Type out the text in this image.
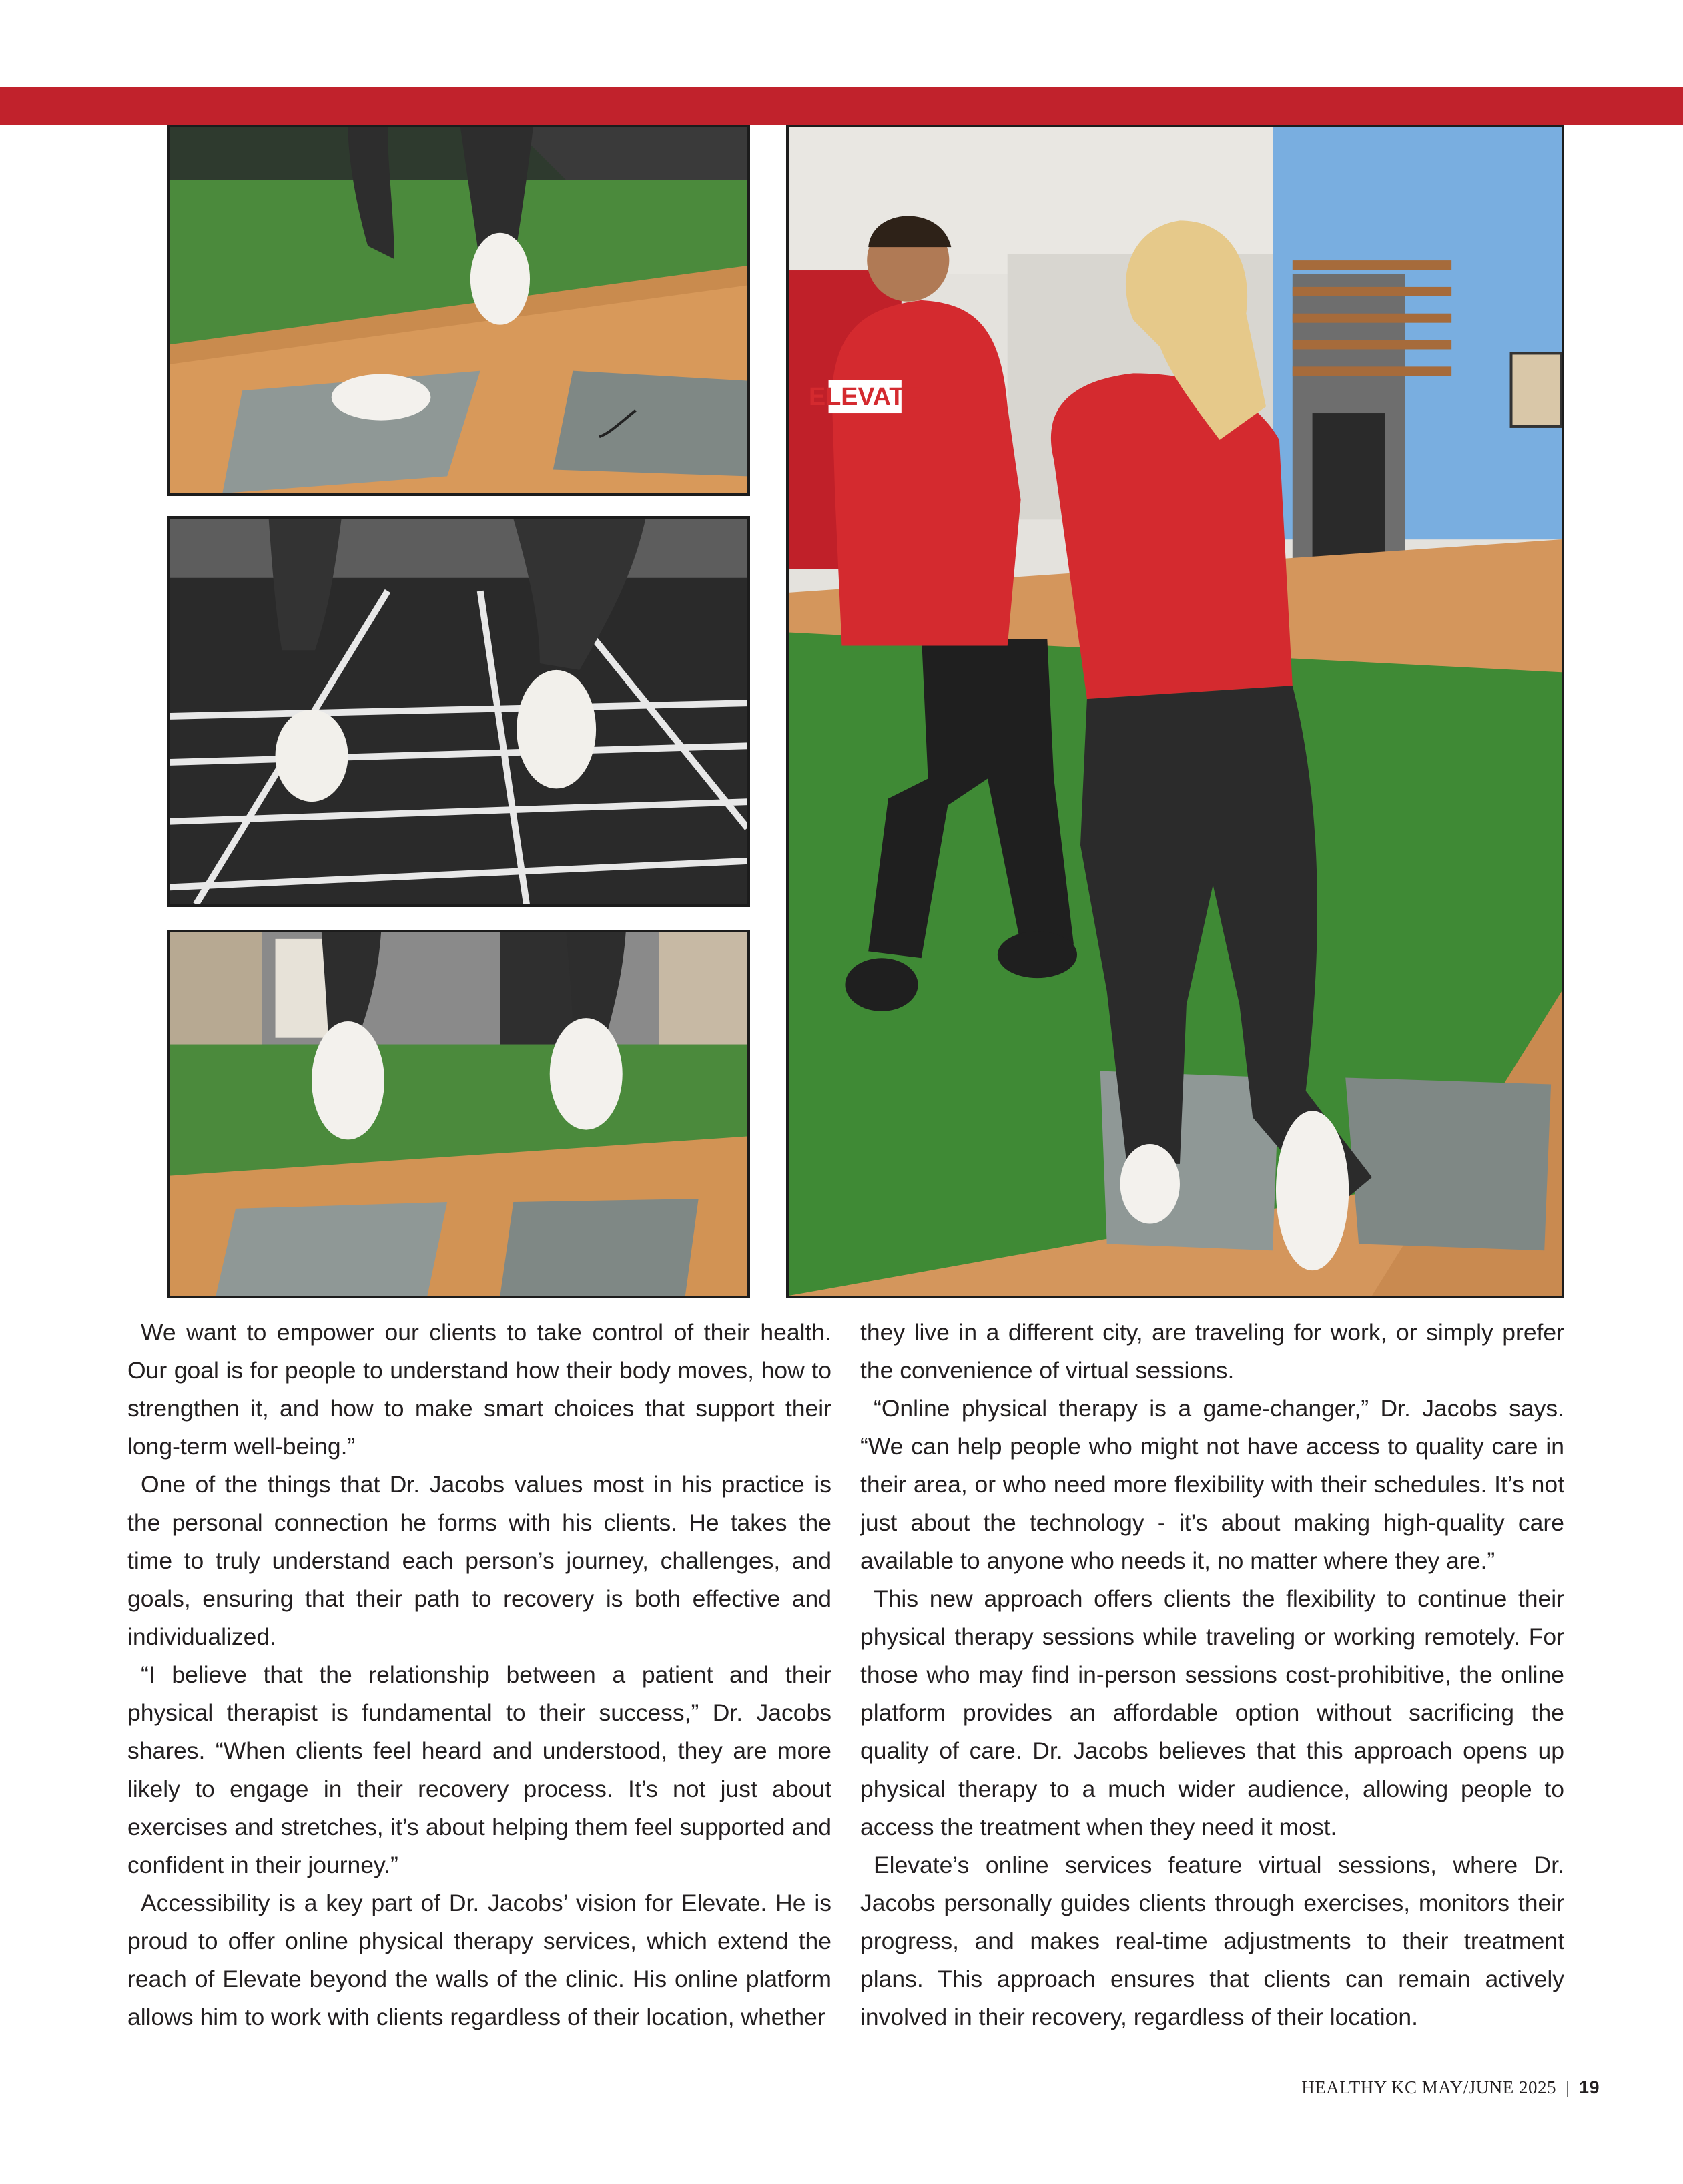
ELEVATE

We want to empower our clients to take control of their health. Our goal is for people to understand how their body moves, how to strengthen it, and how to make smart choices that support their long-term well-being.”

One of the things that Dr. Jacobs values most in his practice is the personal connection he forms with his clients. He takes the time to truly understand each person’s journey, challenges, and goals, ensuring that their path to recovery is both effective and individualized.

“I believe that the relationship between a patient and their physical therapist is fundamental to their success,” Dr. Jacobs shares. “When clients feel heard and understood, they are more likely to engage in their recovery process. It’s not just about exercises and stretches, it’s about helping them feel supported and confident in their journey.”

Accessibility is a key part of Dr. Jacobs’ vision for Elevate. He is proud to offer online physical therapy services, which extend the reach of Elevate beyond the walls of the clinic. His online platform allows him to work with clients regardless of their location, whether

they live in a different city, are traveling for work, or simply prefer the convenience of virtual sessions.

“Online physical therapy is a game-changer,” Dr. Jacobs says. “We can help people who might not have access to quality care in their area, or who need more flexibility with their schedules. It’s not just about the technology - it’s about making high-quality care available to anyone who needs it, no matter where they are.”

This new approach offers clients the flexibility to continue their physical therapy sessions while traveling or working remotely. For those who may find in-person sessions cost-prohibitive, the online platform provides an affordable option without sacrificing the quality of care. Dr. Jacobs believes that this approach opens up physical therapy to a much wider audience, allowing people to access the treatment when they need it most.

Elevate’s online services feature virtual sessions, where Dr. Jacobs personally guides clients through exercises, monitors their progress, and makes real-time adjustments to their treatment plans. This approach ensures that clients can remain actively involved in their recovery, regardless of their location.

HEALTHY KC MAY/JUNE 2025 | 19
